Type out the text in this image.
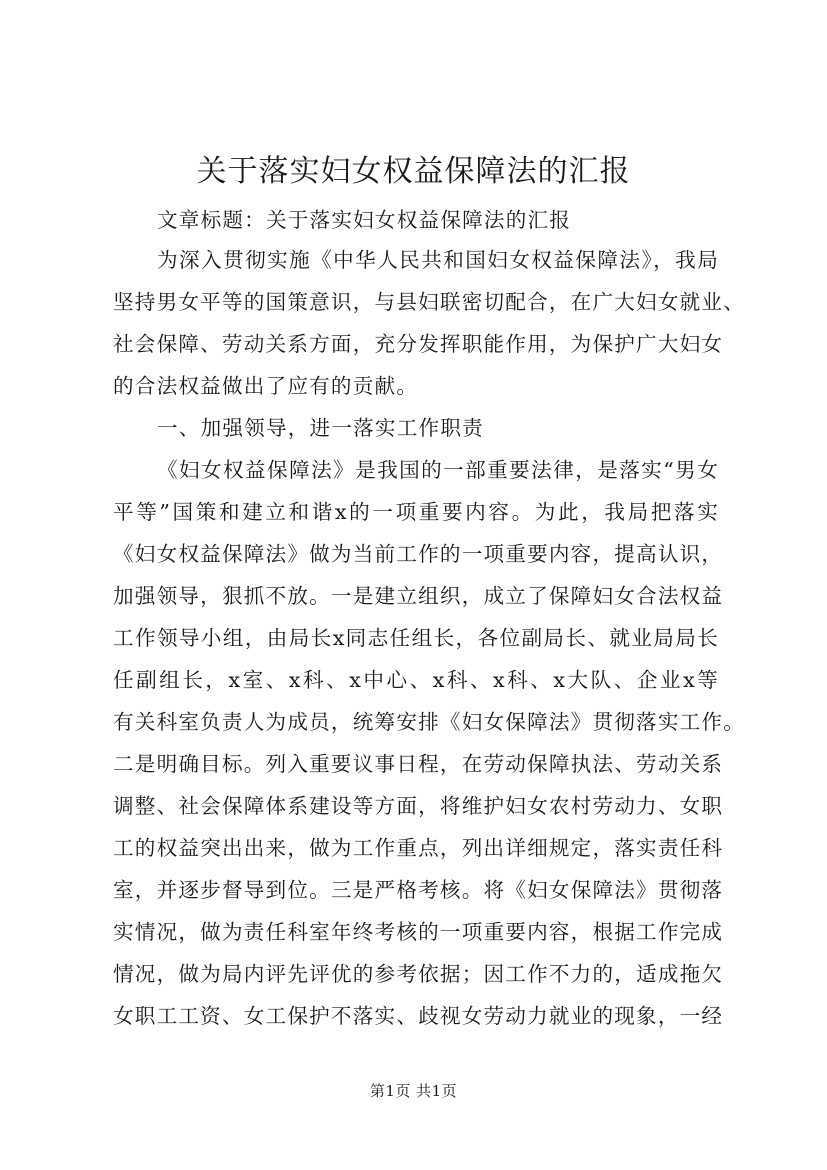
关于落实妇女权益保障法的汇报
文章标题：关于落实妇女权益保障法的汇报
为深入贯彻实施《中华人民共和国妇女权益保障法》，我局
坚持男女平等的国策意识，与县妇联密切配合，在广大妇女就业、
社会保障、劳动关系方面，充分发挥职能作用，为保护广大妇女
的合法权益做出了应有的贡献。
一、加强领导，进一落实工作职责
《妇女权益保障法》是我国的一部重要法律，是落实“男女
平等”国策和建立和谐x的一项重要内容。为此，我局把落实
《妇女权益保障法》做为当前工作的一项重要内容，提高认识，
加强领导，狠抓不放。一是建立组织，成立了保障妇女合法权益
工作领导小组，由局长x同志任组长，各位副局长、就业局局长
任副组长，x室、x科、x中心、x科、x科、x大队、企业x等
有关科室负责人为成员，统筹安排《妇女保障法》贯彻落实工作。
二是明确目标。列入重要议事日程，在劳动保障执法、劳动关系
调整、社会保障体系建设等方面，将维护妇女农村劳动力、女职
工的权益突出出来，做为工作重点，列出详细规定，落实责任科
室，并逐步督导到位。三是严格考核。将《妇女保障法》贯彻落
实情况，做为责任科室年终考核的一项重要内容，根据工作完成
情况，做为局内评先评优的参考依据；因工作不力的，适成拖欠
女职工工资、女工保护不落实、歧视女劳动力就业的现象，一经
第1页 共1页
